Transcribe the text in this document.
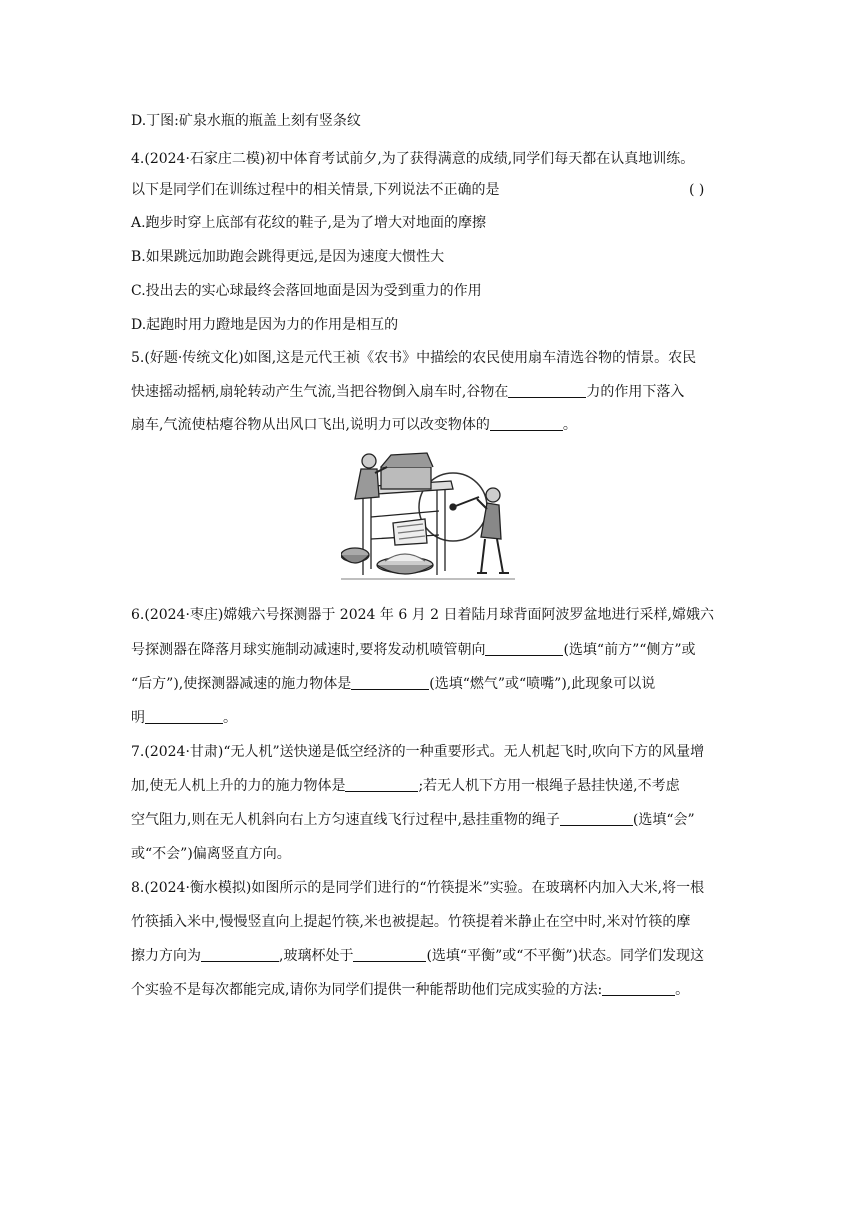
D.丁图:矿泉水瓶的瓶盖上刻有竖条纹
4.(2024·石家庄二模)初中体育考试前夕,为了获得满意的成绩,同学们每天都在认真地训练。
以下是同学们在训练过程中的相关情景,下列说法不正确的是	( )
A.跑步时穿上底部有花纹的鞋子,是为了增大对地面的摩擦
B.如果跳远加助跑会跳得更远,是因为速度大惯性大
C.投出去的实心球最终会落回地面是因为受到重力的作用
D.起跑时用力蹬地是因为力的作用是相互的
5.(好题·传统文化)如图,这是元代王祯《农书》中描绘的农民使用扇车清选谷物的情景。农民
快速摇动摇柄,扇轮转动产生气流,当把谷物倒入扇车时,谷物在	力的作用下落入
扇车,气流使枯瘪谷物从出风口飞出,说明力可以改变物体的	。
6.(2024·枣庄)嫦娥六号探测器于 2024 年 6 月 2 日着陆月球背面阿波罗盆地进行采样,嫦娥六
号探测器在降落月球实施制动减速时,要将发动机喷管朝向	(选填“前方”“侧方”或
“后方”),使探测器减速的施力物体是	(选填“燃气”或“喷嘴”),此现象可以说
明	。
7.(2024·甘肃)“无人机”送快递是低空经济的一种重要形式。无人机起飞时,吹向下方的风量增
加,使无人机上升的力的施力物体是	;若无人机下方用一根绳子悬挂快递,不考虑
空气阻力,则在无人机斜向右上方匀速直线飞行过程中,悬挂重物的绳子	(选填“会”
或“不会”)偏离竖直方向。
8.(2024·衡水模拟)如图所示的是同学们进行的“竹筷提米”实验。在玻璃杯内加入大米,将一根
竹筷插入米中,慢慢竖直向上提起竹筷,米也被提起。竹筷提着米静止在空中时,米对竹筷的摩
擦力方向为	,玻璃杯处于	(选填“平衡”或“不平衡”)状态。同学们发现这
个实验不是每次都能完成,请你为同学们提供一种能帮助他们完成实验的方法:	。
